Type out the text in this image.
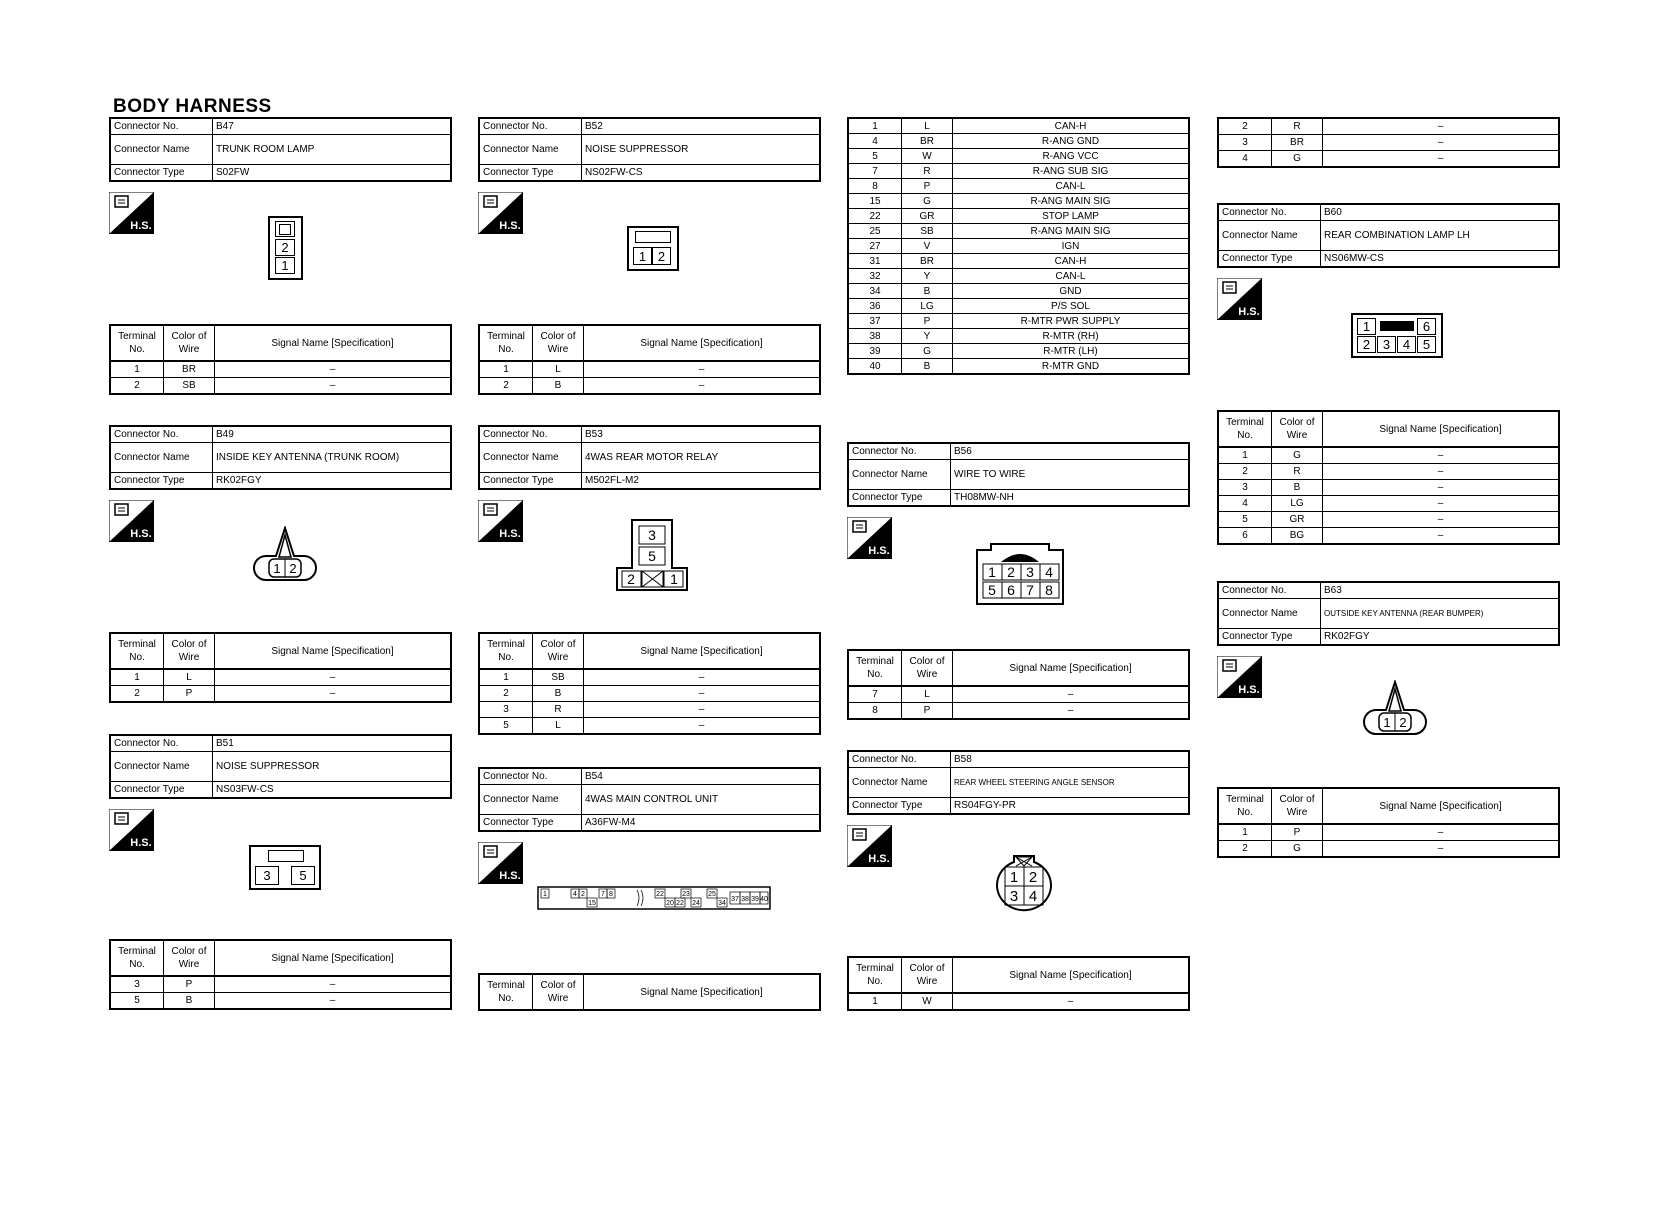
BODY HARNESS
Connector No.	B47
Connector Name	TRUNK ROOM LAMP
Connector Type	S02FW
H.S.
2
1
Terminal No.	Color of Wire	Signal Name [Specification]
1	BR	–
2	SB	–
Connector No.	B49
Connector Name	INSIDE KEY ANTENNA (TRUNK ROOM)
Connector Type	RK02FGY
H.S.
1 2
Terminal No.	Color of Wire	Signal Name [Specification]
1	L	–
2	P	–
Connector No.	B51
Connector Name	NOISE SUPPRESSOR
Connector Type	NS03FW-CS
H.S.
3	5
Terminal No.	Color of Wire	Signal Name [Specification]
3	P	–
5	B	–
Connector No.	B52
Connector Name	NOISE SUPPRESSOR
Connector Type	NS02FW-CS
H.S.
1 2
Terminal No.	Color of Wire	Signal Name [Specification]
1	L	–
2	B	–
Connector No.	B53
Connector Name	4WAS REAR MOTOR RELAY
Connector Type	M502FL-M2
H.S.	3
5
2	1
Terminal No.	Color of Wire	Signal Name [Specification]
1	SB	–
2	B	–
3	R	–
5	L	–
Connector No.	B54
Connector Name	4WAS MAIN CONTROL UNIT
Connector Type	A36FW-M4
H.S.
1	4 2 7 8	22	23	25
37 38 39 40
15	20 22 24	34
Terminal No.	Color of Wire	Signal Name [Specification]
1	L	CAN-H
4	BR	R-ANG GND
5	W	R-ANG VCC
7	R	R-ANG SUB SIG
8	P	CAN-L
15	G	R-ANG MAIN SIG
22	GR	STOP LAMP
25	SB	R-ANG MAIN SIG
27	V	IGN
31	BR	CAN-H
32	Y	CAN-L
34	B	GND
36	LG	P/S SOL
37	P	R-MTR PWR SUPPLY
38	Y	R-MTR (RH)
39	G	R-MTR (LH)
40	B	R-MTR GND
Connector No.	B56
Connector Name	WIRE TO WIRE
Connector Type	TH08MW-NH
H.S.
1 2 3 4
5 6 7 8
Terminal No.	Color of Wire	Signal Name [Specification]
7	L	–
8	P	–
Connector No.	B58
Connector Name	REAR WHEEL STEERING ANGLE SENSOR
Connector Type	RS04FGY-PR
H.S.
1 2
3 4
Terminal No.	Color of Wire	Signal Name [Specification]
1	W	–
2	R	–
3	BR	–
4	G	–
Connector No.	B60
Connector Name	REAR COMBINATION LAMP LH
Connector Type	NS06MW-CS
H.S.
1	6
2 3 4 5
Terminal No.	Color of Wire	Signal Name [Specification]
1	G	–
2	R	–
3	B	–
4	LG	–
5	GR	–
6	BG	–
Connector No.	B63
Connector Name	OUTSIDE KEY ANTENNA (REAR BUMPER)
Connector Type	RK02FGY
H.S.
1 2
Terminal No.	Color of Wire	Signal Name [Specification]
1	P	–
2	G	–
